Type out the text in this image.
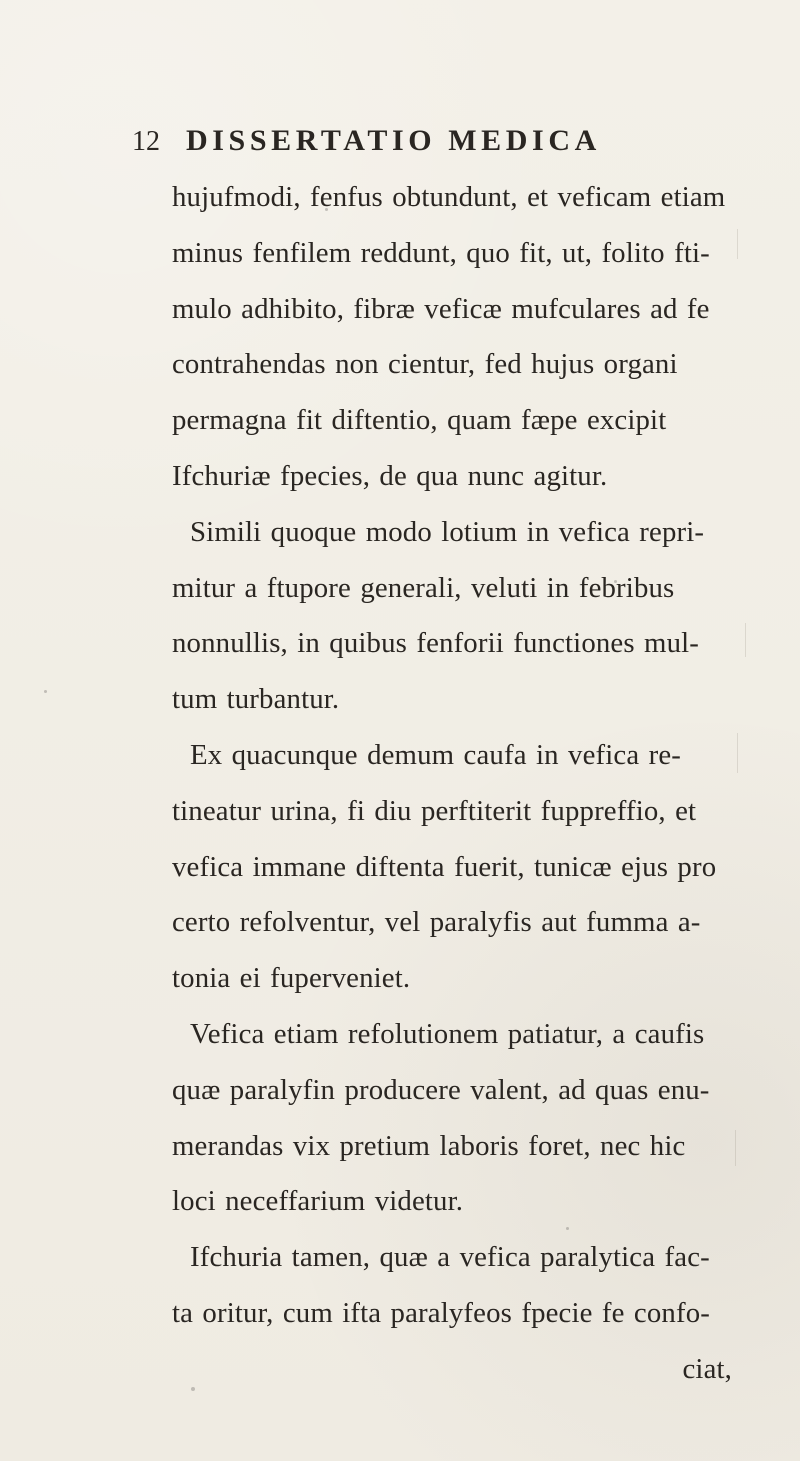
12 DISSERTATIO MEDICA
hujufmodi, fenfus obtundunt, et veficam etiam
minus fenfilem reddunt, quo fit, ut, folito fti-
mulo adhibito, fibræ veficæ mufculares ad fe
contrahendas non cientur, fed hujus organi
permagna fit diftentio, quam fæpe excipit
Ifchuriæ fpecies, de qua nunc agitur.
Simili quoque modo lotium in vefica repri-
mitur a ftupore generali, veluti in febribus
nonnullis, in quibus fenforii functiones mul-
tum turbantur.
Ex quacunque demum caufa in vefica re-
tineatur urina, fi diu perftiterit fuppreffio, et
vefica immane diftenta fuerit, tunicæ ejus pro
certo refolventur, vel paralyfis aut fumma a-
tonia ei fuperveniet.
Vefica etiam refolutionem patiatur, a caufis
quæ paralyfin producere valent, ad quas enu-
merandas vix pretium laboris foret, nec hic
loci neceffarium videtur.
Ifchuria tamen, quæ a vefica paralytica fac-
ta oritur, cum ifta paralyfeos fpecie fe confo-
ciat,
